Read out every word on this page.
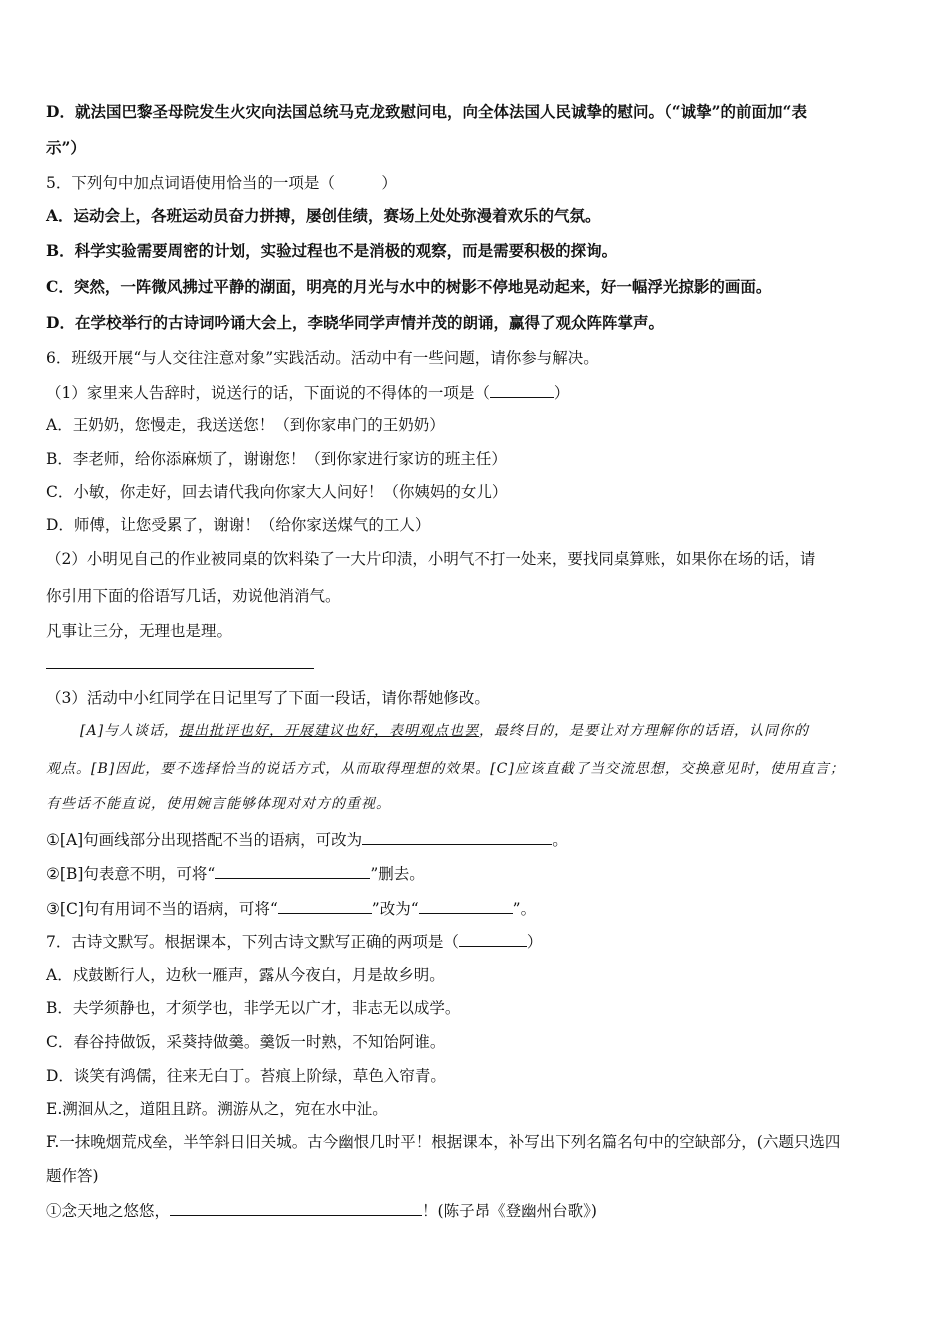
D．就法国巴黎圣母院发生火灾向法国总统马克龙致慰问电，向全体法国人民诚挚的慰问。（“诚挚”的前面加“表
示”）
5．下列句中加点词语使用恰当的一项是（　　　）
A．运动会上，各班运动员奋力拼搏，屡创佳绩，赛场上处处弥漫着欢乐的气氛。
B．科学实验需要周密的计划，实验过程也不是消极的观察，而是需要积极的探询。
C．突然，一阵微风拂过平静的湖面，明亮的月光与水中的树影不停地晃动起来，好一幅浮光掠影的画面。
D．在学校举行的古诗词吟诵大会上，李晓华同学声情并茂的朗诵，赢得了观众阵阵掌声。
6．班级开展“与人交往注意对象”实践活动。活动中有一些问题，请你参与解决。
（1）家里来人告辞时，说送行的话，下面说的不得体的一项是（	）
A．王奶奶，您慢走，我送送您！（到你家串门的王奶奶）
B．李老师，给你添麻烦了，谢谢您！（到你家进行家访的班主任）
C．小敏，你走好，回去请代我向你家大人问好！（你姨妈的女儿）
D．师傅，让您受累了，谢谢！（给你家送煤气的工人）
（2）小明见自己的作业被同桌的饮料染了一大片印渍，小明气不打一处来，要找同桌算账，如果你在场的话，请
你引用下面的俗语写几话，劝说他消消气。
凡事让三分，无理也是理。
（3）活动中小红同学在日记里写了下面一段话，请你帮她修改。
[A]与人谈话，提出批评也好，开展建议也好，表明观点也罢，最终目的，是要让对方理解你的话语，认同你的
观点。[B]因此，要不选择恰当的说话方式，从而取得理想的效果。[C]应该直截了当交流思想，交换意见时，使用直言；
有些话不能直说，使用婉言能够体现对对方的重视。
①[A]句画线部分出现搭配不当的语病，可改为	。
②[B]句表意不明，可将“	”删去。
③[C]句有用词不当的语病，可将“	”改为“	”。
7．古诗文默写。根据课本，下列古诗文默写正确的两项是（	）
A．戍鼓断行人，边秋一雁声，露从今夜白，月是故乡明。
B．夫学须静也，才须学也，非学无以广才，非志无以成学。
C．春谷持做饭，采葵持做羹。羹饭一时熟，不知饴阿谁。
D．谈笑有鸿儒，往来无白丁。苔痕上阶绿，草色入帘青。
E.溯洄从之，道阻且跻。溯游从之，宛在水中沚。
F.一抹晚烟荒戍垒，半竿斜日旧关城。古今幽恨几时平！根据课本，补写出下列名篇名句中的空缺部分，(六题只选四
题作答)
①念天地之悠悠，	！(陈子昂《登幽州台歌》)
